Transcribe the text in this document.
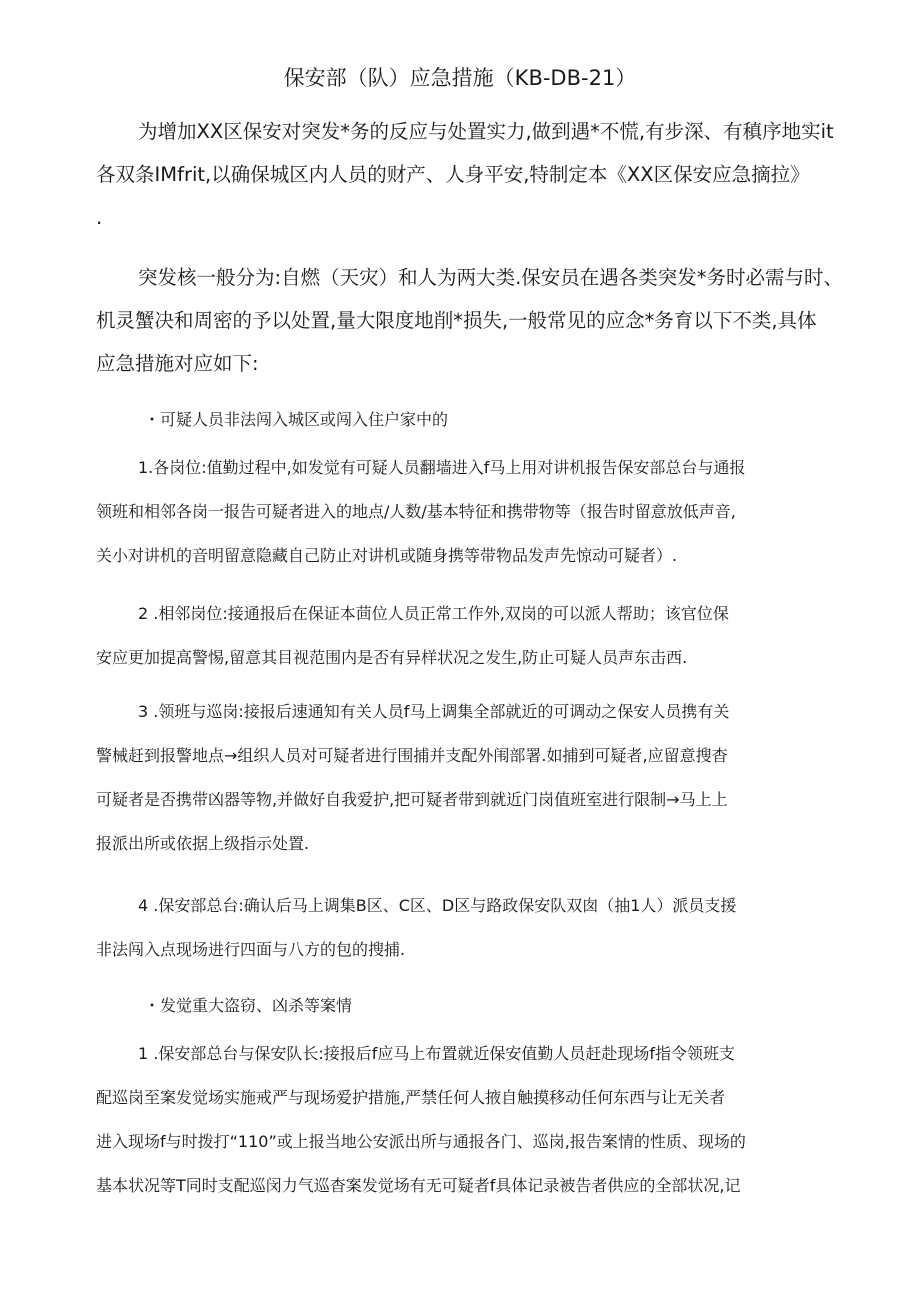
保安部（队）应急措施（KB-DB-21）
为增加XX区保安对突发*务的反应与处置实力,做到遇*不慌,有步深、有稹序地实it
各双条IMfrit,以确保城区内人员的财产、人身平安,特制定本《XX区保安应急摘拉》
.
突发核一般分为:自燃（天灾）和人为两大类.保安员在遇各类突发*务时必需与时、
机灵蟹决和周密的予以处置,量大限度地削*损失,一般常见的应念*务育以下不类,具体
应急措施对应如下:
・可疑人员非法闯入城区或闯入住户家中的
1.各岗位:值勤过程中,如发觉有可疑人员翻墙进入f马上用对讲机报告保安部总台与通报
领班和相邻各岗一报告可疑者进入的地点/人数/基本特征和携带物等（报告时留意放低声音,
关小对讲机的音明留意隐藏自己防止对讲机或随身携等带物品发声先惊动可疑者）.
2 .相邻岗位:接通报后在保证本茴位人员正常工作外,双岗的可以派人帮助；该官位保
安应更加提高警惕,留意其目视范围内是否有异样状况之发生,防止可疑人员声东击西.
3 .领班与巡岗:接报后速通知有关人员f马上调集全部就近的可调动之保安人员携有关
警械赶到报警地点→组织人员对可疑者进行围捕并支配外闱部署.如捕到可疑者,应留意搜杳
可疑者是否携带凶器等物,并做好自我爱护,把可疑者带到就近门岗值班室进行限制→马上上
报派出所或依据上级指示处置.
4 .保安部总台:确认后马上调集B区、C区、D区与路政保安队双囱（抽1人）派员支援
非法闯入点现场进行四面与八方的包的搜捕.
・发觉重大盗窃、凶杀等案情
1 .保安部总台与保安队长:接报后f应马上布置就近保安值勤人员赶赴现场f指令领班支
配巡岗至案发觉场实施戒严与现场爱护措施,严禁任何人掖自触摸移动任何东西与让无关者
进入现场f与时拨打“110”或上报当地公安派出所与通报各门、巡岗,报告案情的性质、现场的
基本状况等T同时支配巡闵力气巡杳案发觉场有无可疑者f具体记录被告者供应的全部状况,记
